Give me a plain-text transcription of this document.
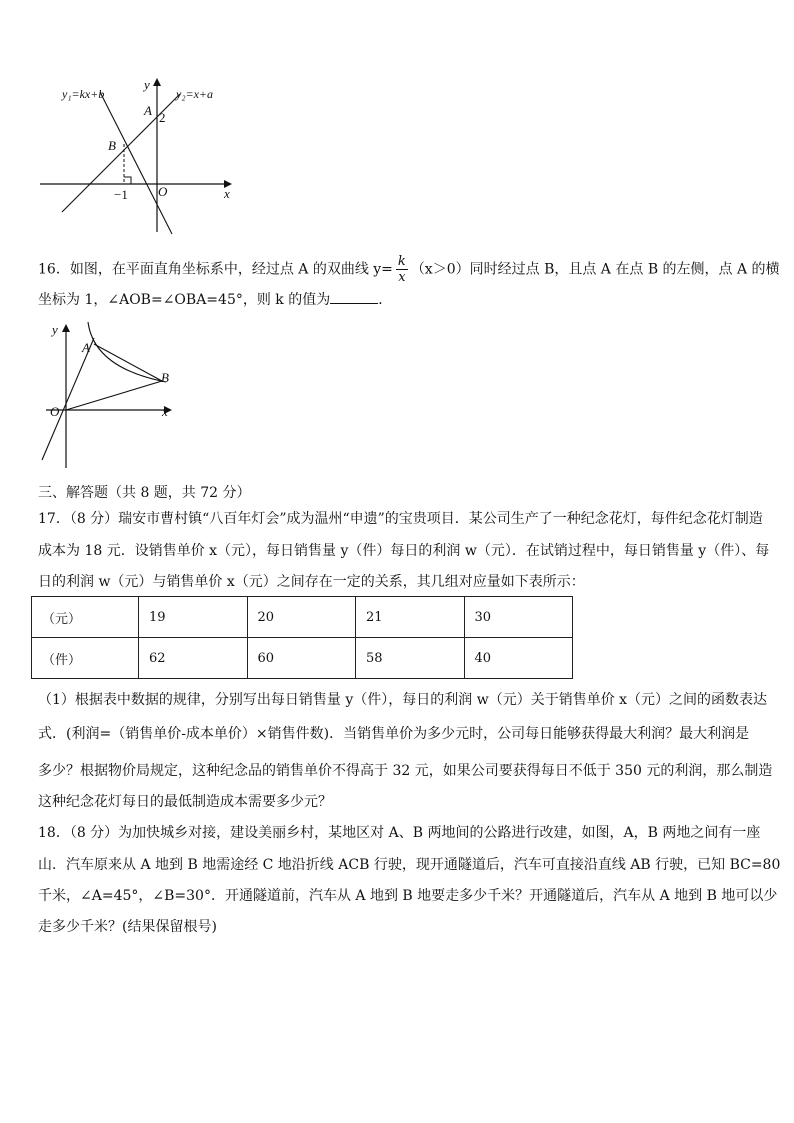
y₁=kx+b	y₂=x+a
y
x
A 2
B
O
−1
16．如图，在平面直角坐标系中，经过点 A 的双曲线 $y= \frac{k}{x} (x>0)$同时经过点 B，且点 A 在点 B 的左侧，点 A 的横
坐标为 1，∠AOB=∠OBA=45°，则 k 的值为	．
y
x
A
B
O
三、解答题（共 8 题，共 72 分）
17．（8 分）瑞安市曹村镇“八百年灯会”成为温州“申遗”的宝贵项目．某公司生产了一种纪念花灯，每件纪念花灯制造
成本为 18 元．设销售单价 x（元），每日销售量 y（件）每日的利润 w（元）．在试销过程中，每日销售量 y（件）、每
日的利润 w（元）与销售单价 x（元）之间存在一定的关系，其几组对应量如下表所示：
（元）	19	20	21	30
（件）	62	60	58	40
（1）根据表中数据的规律，分别写出每日销售量 y（件），每日的利润 w（元）关于销售单价 x（元）之间的函数表达
式．(利润=（销售单价-成本单价）×销售件数)．当销售单价为多少元时，公司每日能够获得最大利润？最大利润是
多少？根据物价局规定，这种纪念品的销售单价不得高于 32 元，如果公司要获得每日不低于 350 元的利润，那么制造
这种纪念花灯每日的最低制造成本需要多少元？
18．（8 分）为加快城乡对接，建设美丽乡村，某地区对 A、B 两地间的公路进行改建，如图，A，B 两地之间有一座
山．汽车原来从 A 地到 B 地需途经 C 地沿折线 ACB 行驶，现开通隧道后，汽车可直接沿直线 AB 行驶，已知 BC=80
千米，∠A=45°，∠B=30°．开通隧道前，汽车从 A 地到 B 地要走多少千米？开通隧道后，汽车从 A 地到 B 地可以少
走多少千米？(结果保留根号)
